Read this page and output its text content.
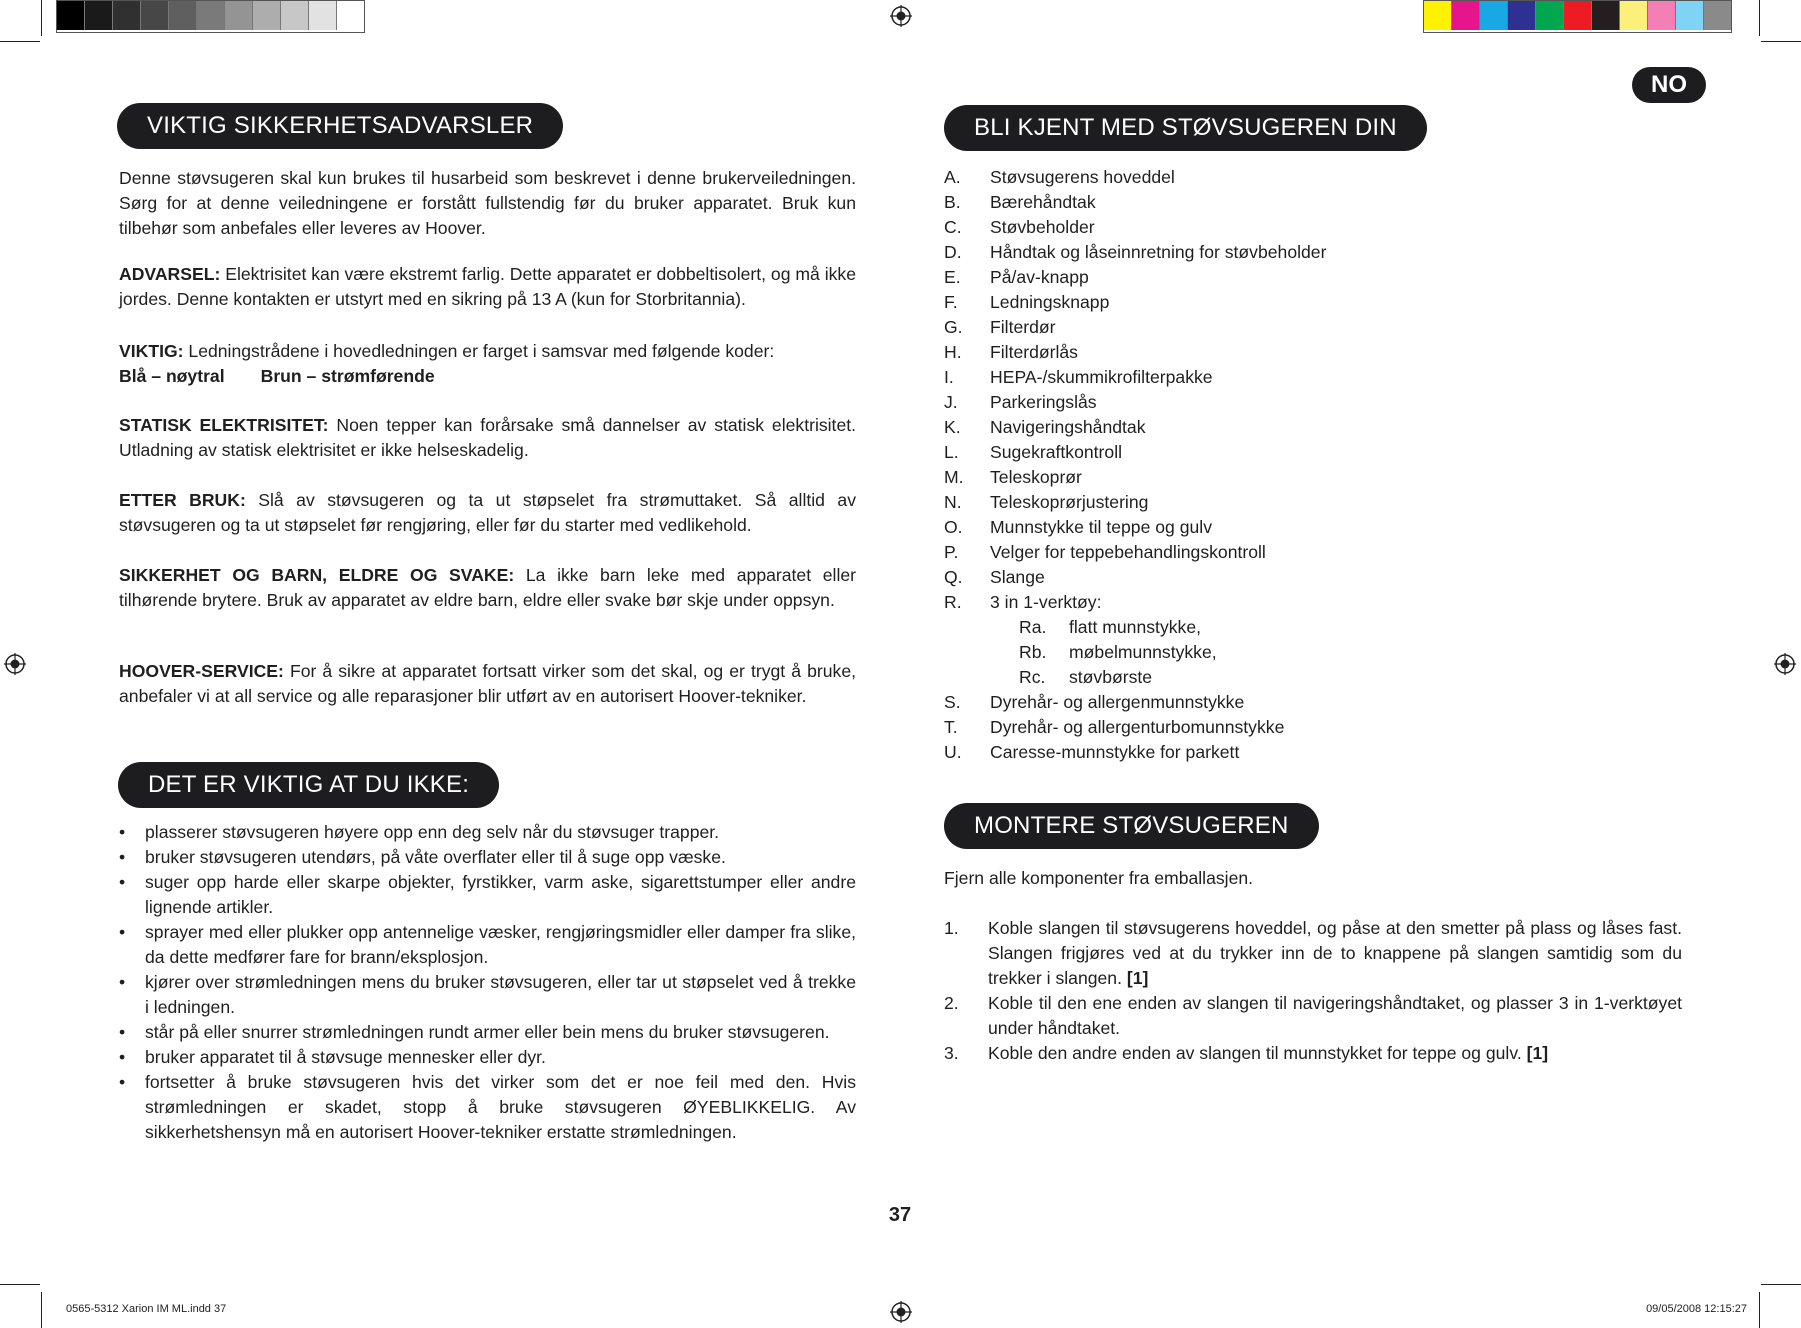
NO
VIKTIG SIKKERHETSADVARSLER
Denne støvsugeren skal kun brukes til husarbeid som beskrevet i denne brukerveiledningen. Sørg for at denne veiledningene er forstått fullstendig før du bruker apparatet. Bruk kun tilbehør som anbefales eller leveres av Hoover.
ADVARSEL: Elektrisitet kan være ekstremt farlig. Dette apparatet er dobbeltisolert, og må ikke jordes. Denne kontakten er utstyrt med en sikring på 13 A (kun for Storbritannia).
VIKTIG: Ledningstrådene i hovedledningen er farget i samsvar med følgende koder:
Blå – nøytral Brun – strømførende
STATISK ELEKTRISITET: Noen tepper kan forårsake små dannelser av statisk elektrisitet. Utladning av statisk elektrisitet er ikke helseskadelig.
ETTER BRUK: Slå av støvsugeren og ta ut støpselet fra strømuttaket. Så alltid av støvsugeren og ta ut støpselet før rengjøring, eller før du starter med vedlikehold.
SIKKERHET OG BARN, ELDRE OG SVAKE: La ikke barn leke med apparatet eller tilhørende brytere. Bruk av apparatet av eldre barn, eldre eller svake bør skje under oppsyn.
HOOVER-SERVICE: For å sikre at apparatet fortsatt virker som det skal, og er trygt å bruke, anbefaler vi at all service og alle reparasjoner blir utført av en autorisert Hoover-tekniker.
DET ER VIKTIG AT DU IKKE:
• plasserer støvsugeren høyere opp enn deg selv når du støvsuger trapper.
• bruker støvsugeren utendørs, på våte overflater eller til å suge opp væske.
• suger opp harde eller skarpe objekter, fyrstikker, varm aske, sigarettstumper eller andre lignende artikler.
• sprayer med eller plukker opp antennelige væsker, rengjøringsmidler eller damper fra slike, da dette medfører fare for brann/eksplosjon.
• kjører over strømledningen mens du bruker støvsugeren, eller tar ut støpselet ved å trekke i ledningen.
• står på eller snurrer strømledningen rundt armer eller bein mens du bruker støvsugeren.
• bruker apparatet til å støvsuge mennesker eller dyr.
• fortsetter å bruke støvsugeren hvis det virker som det er noe feil med den. Hvis strømledningen er skadet, stopp å bruke støvsugeren ØYEBLIKKELIG. Av sikkerhetshensyn må en autorisert Hoover-tekniker erstatte strømledningen.
BLI KJENT MED STØVSUGEREN DIN
A. Støvsugerens hoveddel
B. Bærehåndtak
C. Støvbeholder
D. Håndtak og låseinnretning for støvbeholder
E. På/av-knapp
F. Ledningsknapp
G. Filterdør
H. Filterdørlås
I. HEPA-/skummikrofilterpakke
J. Parkeringslås
K. Navigeringshåndtak
L. Sugekraftkontroll
M. Teleskoprør
N. Teleskoprørjustering
O. Munnstykke til teppe og gulv
P. Velger for teppebehandlingskontroll
Q. Slange
R. 3 in 1-verktøy:
Ra. flatt munnstykke,
Rb. møbelmunnstykke,
Rc. støvbørste
S. Dyrehår- og allergenmunnstykke
T. Dyrehår- og allergenturbomunnstykke
U. Caresse-munnstykke for parkett
MONTERE STØVSUGEREN
Fjern alle komponenter fra emballasjen.
1. Koble slangen til støvsugerens hoveddel, og påse at den smetter på plass og låses fast. Slangen frigjøres ved at du trykker inn de to knappene på slangen samtidig som du trekker i slangen. [1]
2. Koble til den ene enden av slangen til navigeringshåndtaket, og plasser 3 in 1-verktøyet under håndtaket.
3. Koble den andre enden av slangen til munnstykket for teppe og gulv. [1]
37
0565-5312 Xarion IM ML.indd 37	09/05/2008 12:15:27
